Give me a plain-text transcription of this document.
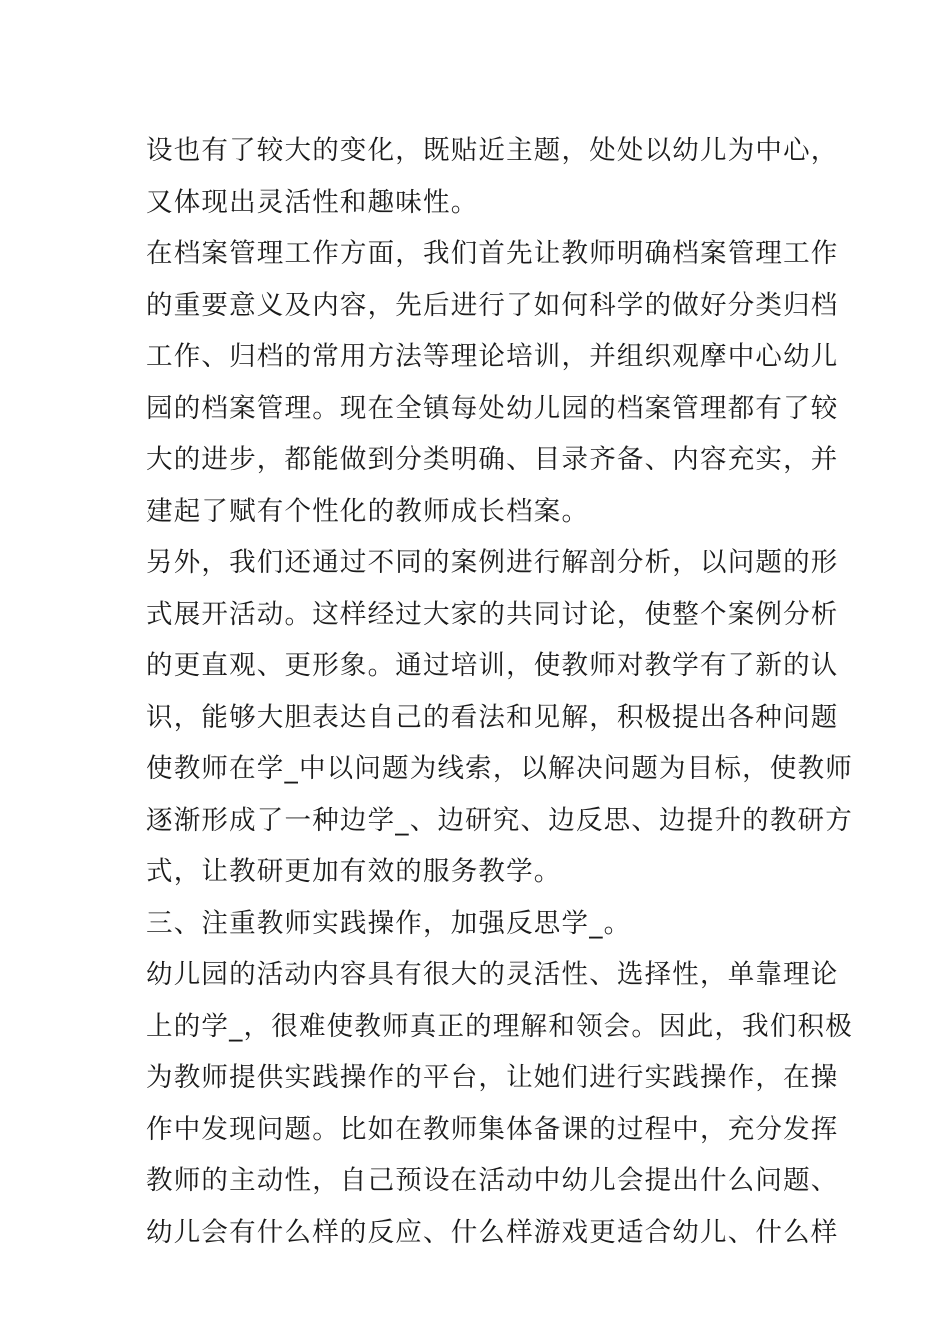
设也有了较大的变化，既贴近主题，处处以幼儿为中心，
又体现出灵活性和趣味性。
在档案管理工作方面，我们首先让教师明确档案管理工作
的重要意义及内容，先后进行了如何科学的做好分类归档
工作、归档的常用方法等理论培训，并组织观摩中心幼儿
园的档案管理。现在全镇每处幼儿园的档案管理都有了较
大的进步，都能做到分类明确、目录齐备、内容充实，并
建起了赋有个性化的教师成长档案。
另外，我们还通过不同的案例进行解剖分析，以问题的形
式展开活动。这样经过大家的共同讨论，使整个案例分析
的更直观、更形象。通过培训，使教师对教学有了新的认
识，能够大胆表达自己的看法和见解，积极提出各种问题
使教师在学_中以问题为线索，以解决问题为目标，使教师
逐渐形成了一种边学_、边研究、边反思、边提升的教研方
式，让教研更加有效的服务教学。
三、注重教师实践操作，加强反思学_。
幼儿园的活动内容具有很大的灵活性、选择性，单靠理论
上的学_，很难使教师真正的理解和领会。因此，我们积极
为教师提供实践操作的平台，让她们进行实践操作，在操
作中发现问题。比如在教师集体备课的过程中，充分发挥
教师的主动性，自己预设在活动中幼儿会提出什么问题、
幼儿会有什么样的反应、什么样游戏更适合幼儿、什么样
